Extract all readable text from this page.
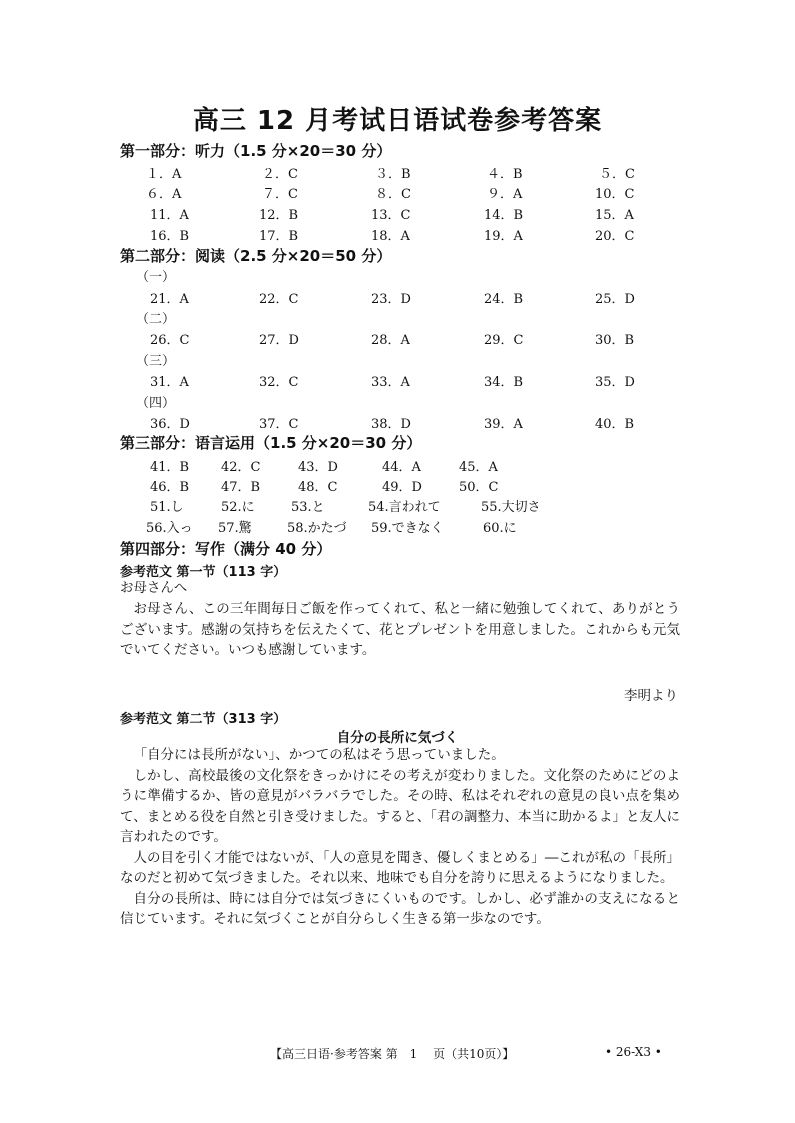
高三 12 月考试日语试卷参考答案
第一部分：听力（1.5 分×20＝30 分）
１．A	２．C	３．B	４．B	５．C
６．A	７．C	８．C	９．A	10．C
11．A	12．B	13．C	14．B	15．A
16．B	17．B	18．A	19．A	20．C
第二部分：阅读（2.5 分×20＝50 分）
（一）
21．A	22．C	23．D	24．B	25．D
（二）
26．C	27．D	28．A	29．C	30．B
（三）
31．A	32．C	33．A	34．B	35．D
（四）
36．D	37．C	38．D	39．A	40．B
第三部分：语言运用（1.5 分×20＝30 分）
41．B 42．C	43．D	44．A	45．A
46．B 47．B	48．C	49．D	50．C
51.し	52.に	53.と	54.言われて	55.大切さ
56.入っ 57.驚	58.かたづ 59.できなく	60.に
第四部分：写作（满分 40 分）
参考范文 第一节（113 字）
お母さんへ

お母さん、この三年間毎日ご飯を作ってくれて、私と一緒に勉強してくれて、ありがとうございます。感謝の気持ちを伝えたくて、花とプレゼントを用意しました。これからも元気でいてください。いつも感謝しています。

李明より
参考范文 第二节（313 字）
自分の長所に気づく

「自分には長所がない」、かつての私はそう思っていました。

しかし、高校最後の文化祭をきっかけにその考えが変わりました。文化祭のためにどのように準備するか、皆の意見がバラバラでした。その時、私はそれぞれの意見の良い点を集めて、まとめる役を自然と引き受けました。すると、「君の調整力、本当に助かるよ」と友人に言われたのです。

人の目を引く才能ではないが、「人の意見を聞き、優しくまとめる」―これが私の「長所」なのだと初めて気づきました。それ以来、地味でも自分を誇りに思えるようになりました。

自分の長所は、時には自分では気づきにくいものです。しかし、必ず誰かの支えになると信じています。それに気づくことが自分らしく生きる第一歩なのです。

【高三日语·参考答案 第　1　 页（共10页）】	• 26-X3 •
